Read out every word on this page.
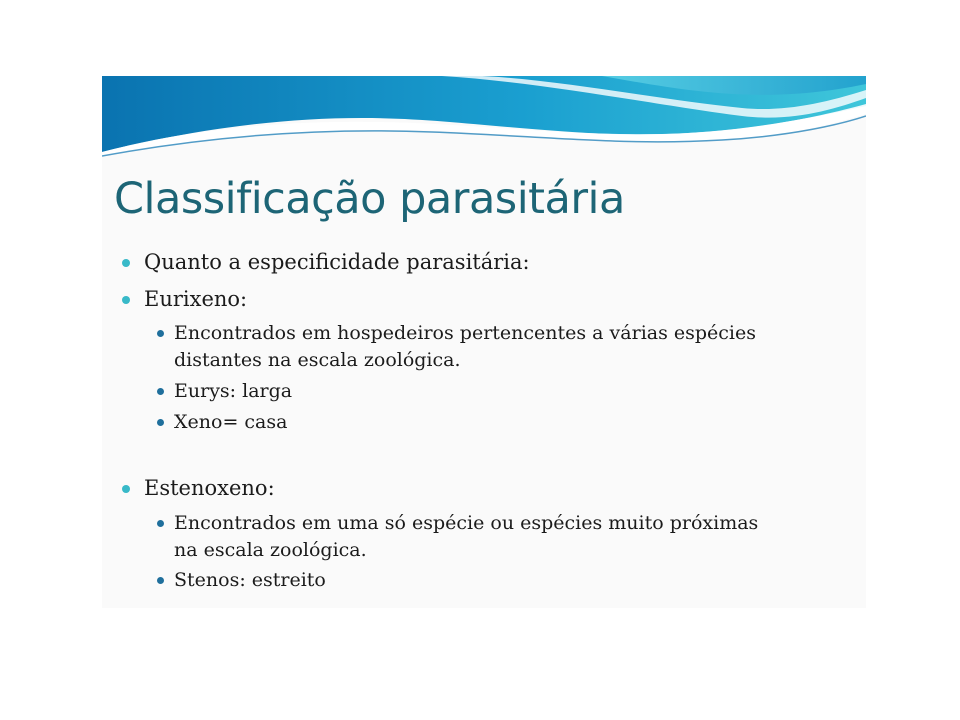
Classificação parasitária
Quanto a especificidade parasitária:
Eurixeno:
Encontrados em hospedeiros pertencentes a várias espécies
distantes na escala zoológica.
Eurys: larga
Xeno= casa
Estenoxeno:
Encontrados em uma só espécie ou espécies muito próximas
na escala zoológica.
Stenos: estreito
